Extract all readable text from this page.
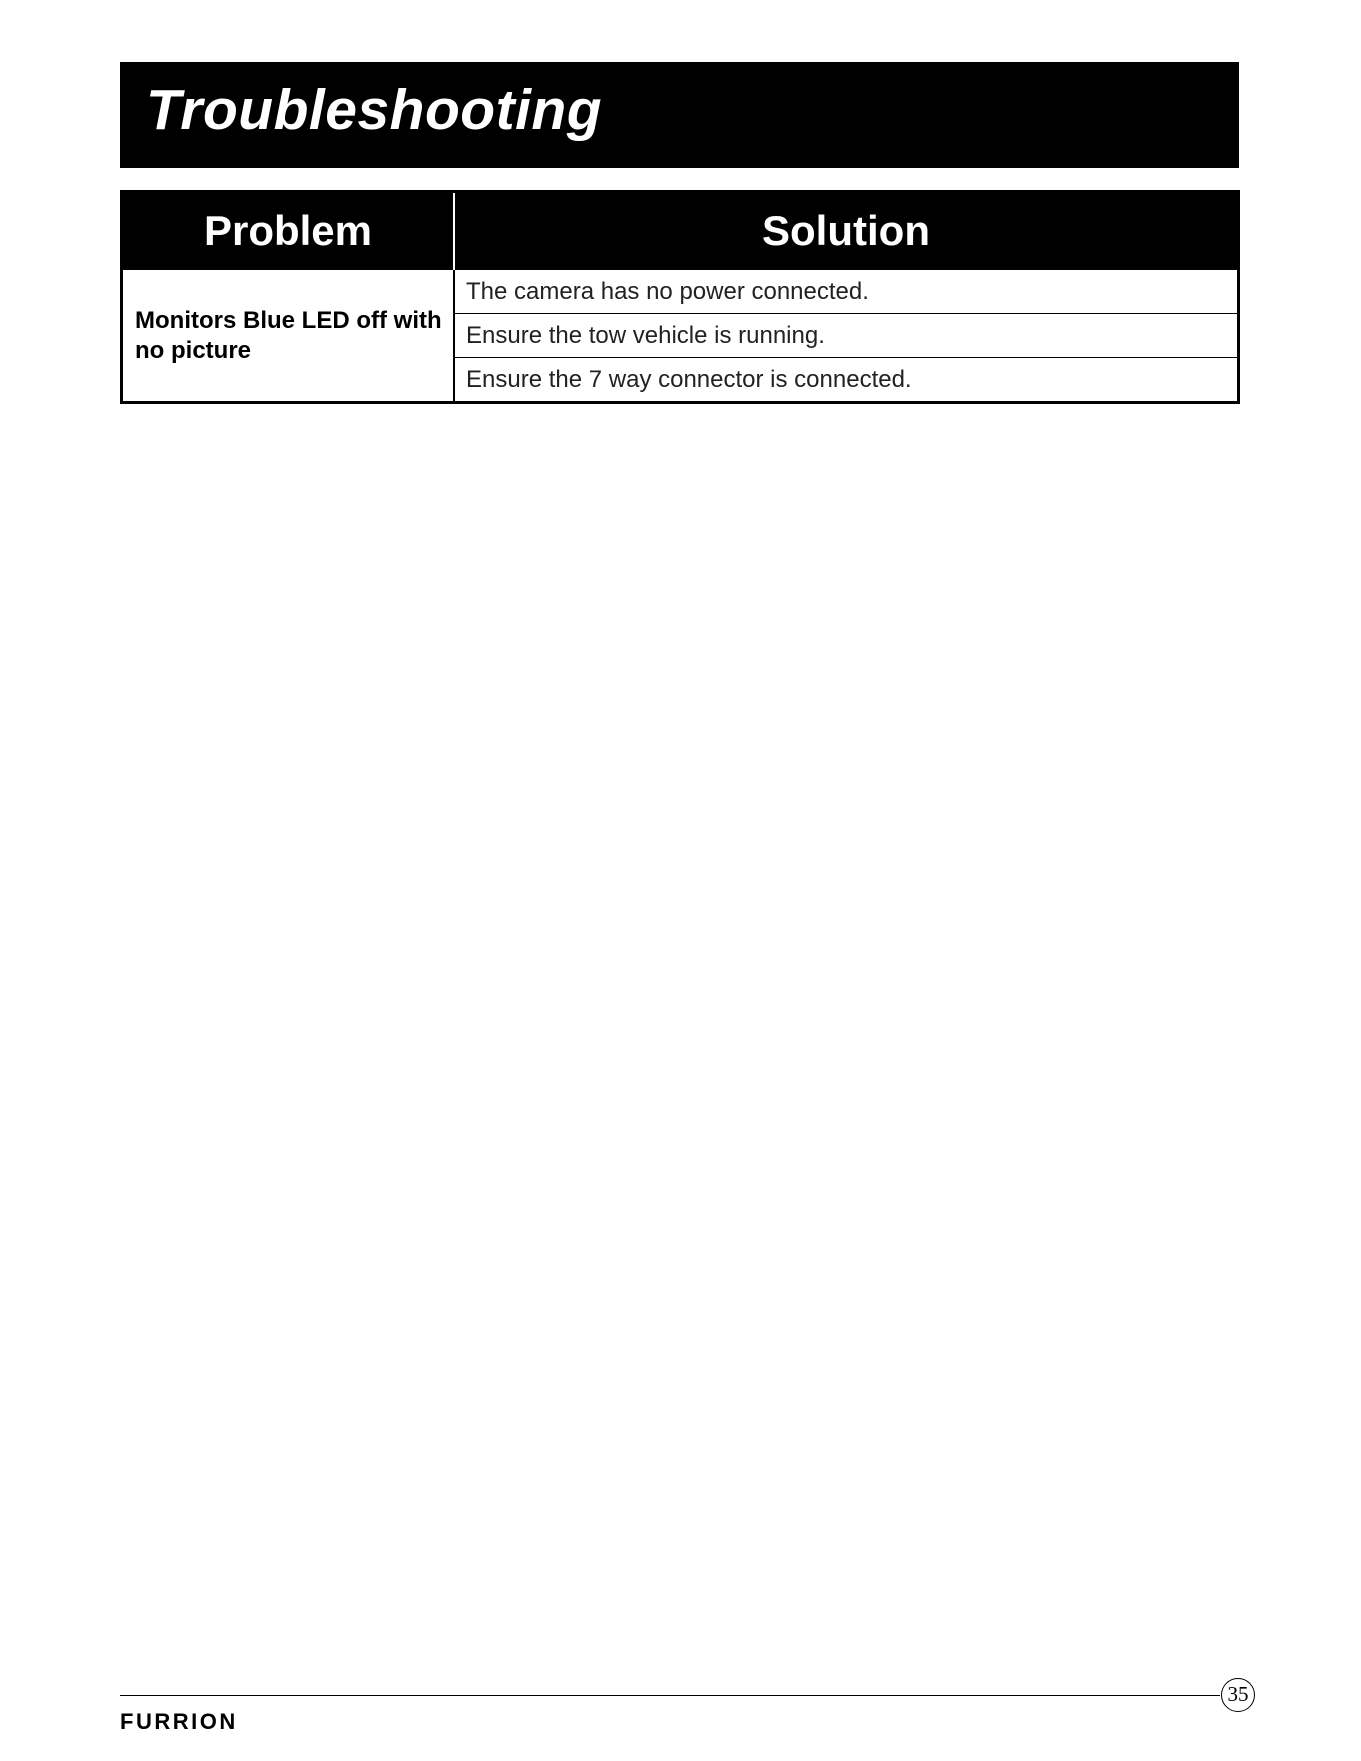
Troubleshooting
Problem	Solution
Monitors Blue LED off with no picture	The camera has no power connected.
	Ensure the tow vehicle is running.
	Ensure the 7 way connector is connected.
35
FURRION
